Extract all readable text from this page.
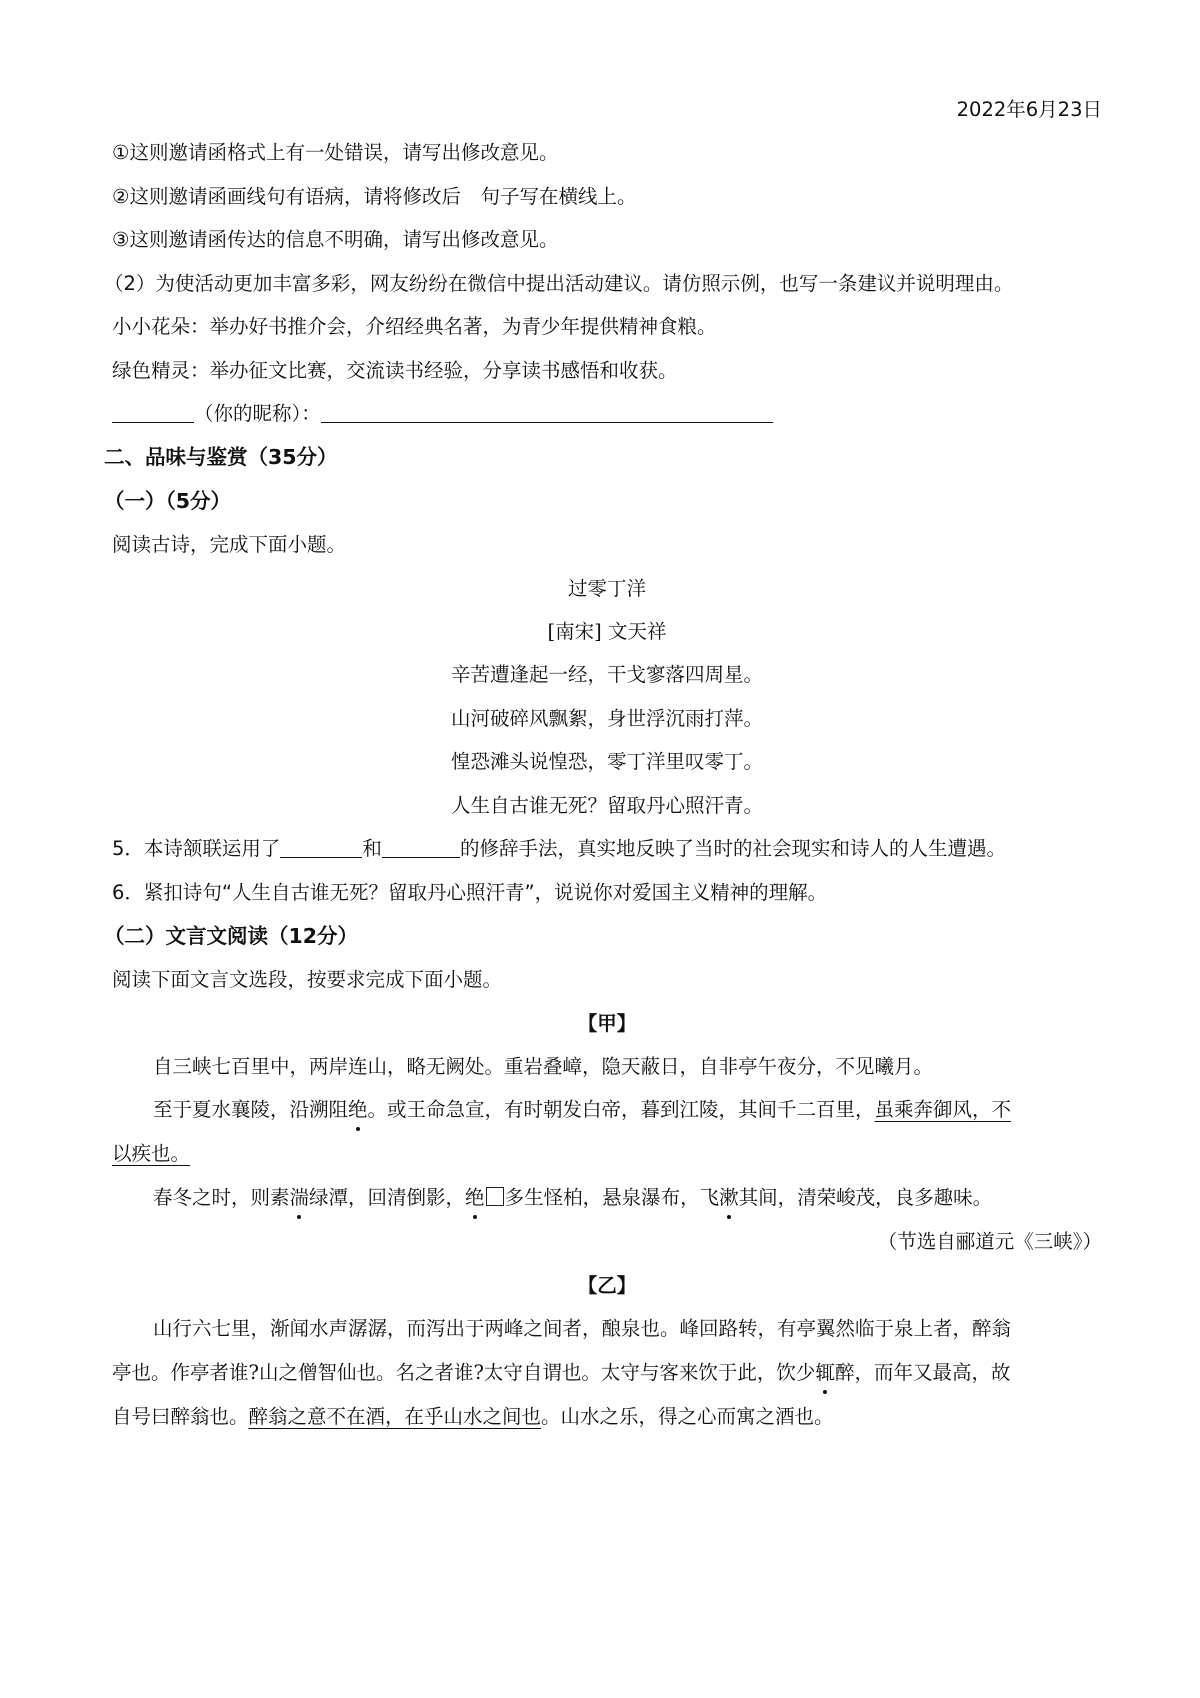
2022年6月23日
①这则邀请函格式上有一处错误，请写出修改意见。
②这则邀请函画线句有语病，请将修改后　句子写在横线上。
③这则邀请函传达的信息不明确，请写出修改意见。
（2）为使活动更加丰富多彩，网友纷纷在微信中提出活动建议。请仿照示例，也写一条建议并说明理由。
小小花朵：举办好书推介会，介绍经典名著，为青少年提供精神食粮。
绿色精灵：举办征文比赛，交流读书经验，分享读书感悟和收获。
（你的昵称）：
二、品味与鉴赏（35分）
（一）（5分）
阅读古诗，完成下面小题。
过零丁洋
[南宋] 文天祥
辛苦遭逢起一经，干戈寥落四周星。
山河破碎风飘絮，身世浮沉雨打萍。
惶恐滩头说惶恐，零丁洋里叹零丁。
人生自古谁无死？留取丹心照汗青。
5．本诗颔联运用了	和	的修辞手法，真实地反映了当时的社会现实和诗人的人生遭遇。
6．紧扣诗句“人生自古谁无死？留取丹心照汗青”，说说你对爱国主义精神的理解。
（二）文言文阅读（12分）
阅读下面文言文选段，按要求完成下面小题。
【甲】
自三峡七百里中，两岸连山，略无阙处。重岩叠嶂，隐天蔽日，自非亭午夜分，不见曦月。
至于夏水襄陵，沿溯阻绝。或王命急宣，有时朝发白帝，暮到江陵，其间千二百里，虽乘奔御风，不
以疾也。
春冬之时，则素湍绿潭，回清倒影，绝 多生怪柏，悬泉瀑布，飞漱其间，清荣峻茂，良多趣味。
（节选自郦道元《三峡》）
【乙】
山行六七里，渐闻水声潺潺，而泻出于两峰之间者，酿泉也。峰回路转，有亭翼然临于泉上者，醉翁
亭也。作亭者谁?山之僧智仙也。名之者谁?太守自谓也。太守与客来饮于此，饮少辄醉，而年又最高，故
自号曰醉翁也。醉翁之意不在酒，在乎山水之间也。山水之乐，得之心而寓之酒也。
